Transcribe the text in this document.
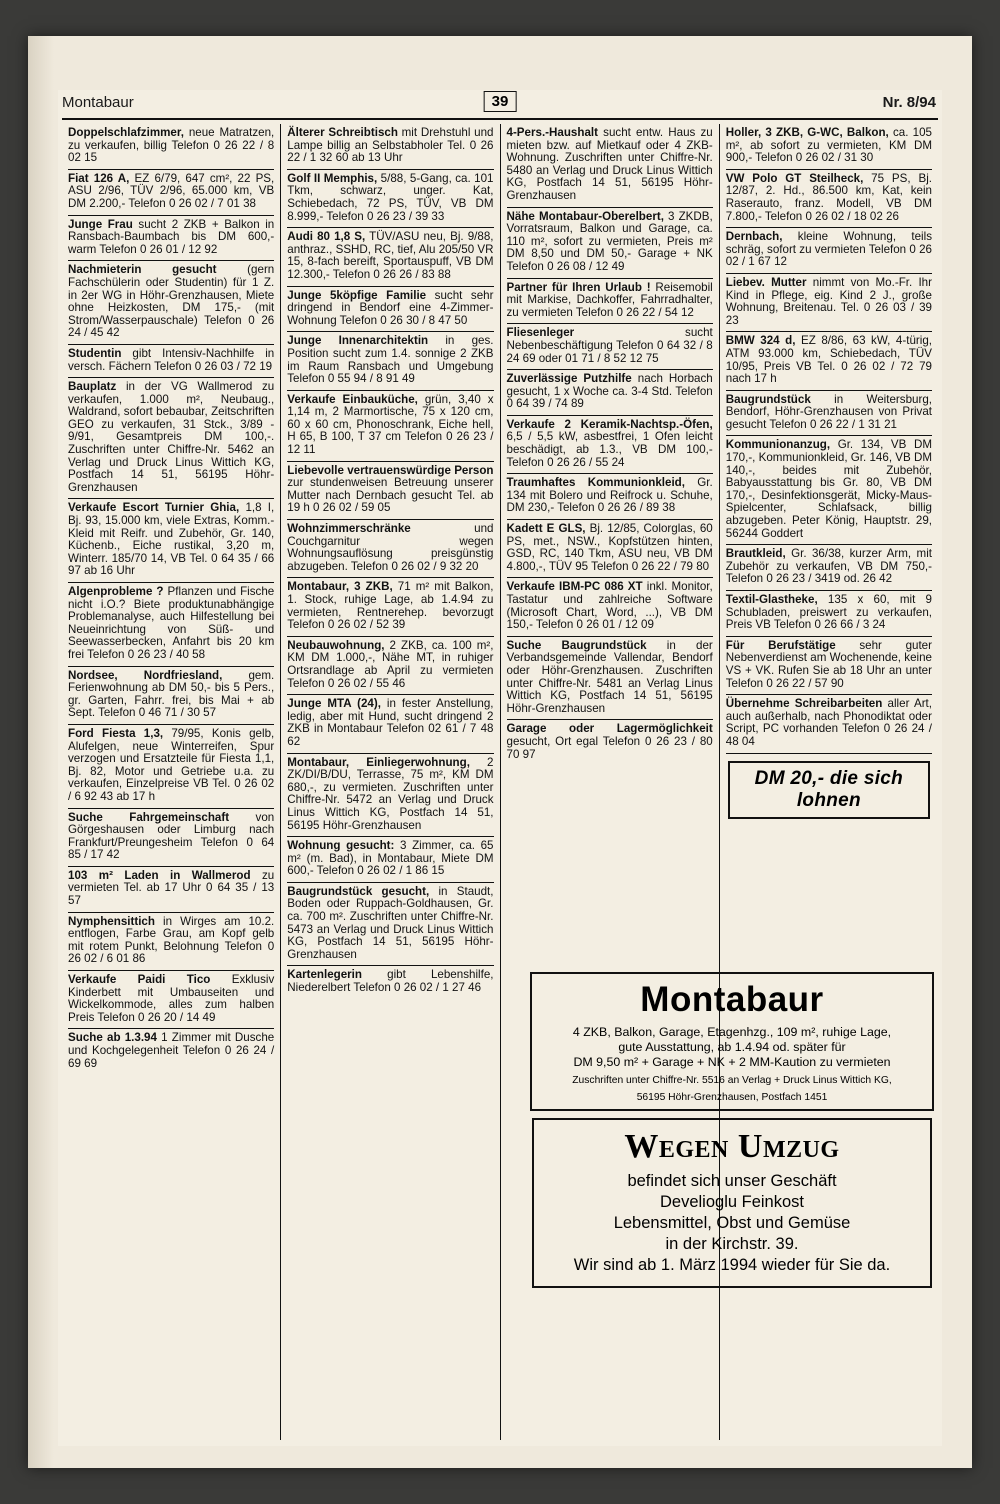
Montabaur	39	Nr. 8/94

Doppelschlafzimmer, neue Matratzen, zu verkaufen, billig Telefon 0 26 22 / 8 02 15

Fiat 126 A, EZ 6/79, 647 cm², 22 PS, ASU 2/96, TÜV 2/96, 65.000 km, VB DM 2.200,- Telefon 0 26 02 / 7 01 38

Junge Frau sucht 2 ZKB + Balkon in Ransbach-Baumbach bis DM 600,- warm Telefon 0 26 01 / 12 92

Nachmieterin gesucht (gern Fachschülerin oder Studentin) für 1 Z. in 2er WG in Höhr-Grenzhausen, Miete ohne Heizkosten, DM 175,- (mit Strom/Wasserpauschale) Telefon 0 26 24 / 45 42

Studentin gibt Intensiv-Nachhilfe in versch. Fächern Telefon 0 26 03 / 72 19

Bauplatz in der VG Wallmerod zu verkaufen, 1.000 m², Neubaug., Waldrand, sofort bebaubar, Zeitschriften GEO zu verkaufen, 31 Stck., 3/89 - 9/91, Gesamtpreis DM 100,-. Zuschriften unter Chiffre-Nr. 5462 an Verlag und Druck Linus Wittich KG, Postfach 14 51, 56195 Höhr-Grenzhausen

Verkaufe Escort Turnier Ghia, 1,8 I, Bj. 93, 15.000 km, viele Extras, Komm.-Kleid mit Reifr. und Zubehör, Gr. 140, Küchenb., Eiche rustikal, 3,20 m, Winterr. 185/70 14, VB Tel. 0 64 35 / 66 97 ab 16 Uhr

Algenprobleme ? Pflanzen und Fische nicht i.O.? Biete produktunabhängige Problemanalyse, auch Hilfestellung bei Neueinrichtung von Süß- und Seewasserbecken, Anfahrt bis 20 km frei Telefon 0 26 23 / 40 58

Nordsee, Nordfriesland, gem. Ferienwohnung ab DM 50,- bis 5 Pers., gr. Garten, Fahrr. frei, bis Mai + ab Sept. Telefon 0 46 71 / 30 57

Ford Fiesta 1,3, 79/95, Konis gelb, Alufelgen, neue Winterreifen, Spur verzogen und Ersatzteile für Fiesta 1,1, Bj. 82, Motor und Getriebe u.a. zu verkaufen, Einzelpreise VB Tel. 0 26 02 / 6 92 43 ab 17 h

Suche Fahrgemeinschaft von Görgeshausen oder Limburg nach Frankfurt/Preungesheim Telefon 0 64 85 / 17 42

103 m² Laden in Wallmerod zu vermieten Tel. ab 17 Uhr 0 64 35 / 13 57

Nymphensittich in Wirges am 10.2. entflogen, Farbe Grau, am Kopf gelb mit rotem Punkt, Belohnung Telefon 0 26 02 / 6 01 86

Verkaufe Paidi Tico Exklusiv Kinderbett mit Umbauseiten und Wickelkommode, alles zum halben Preis Telefon 0 26 20 / 14 49

Suche ab 1.3.94 1 Zimmer mit Dusche und Kochgelegenheit Telefon 0 26 24 / 69 69

Älterer Schreibtisch mit Drehstuhl und Lampe billig an Selbstabholer Tel. 0 26 22 / 1 32 60 ab 13 Uhr

Golf II Memphis, 5/88, 5-Gang, ca. 101 Tkm, schwarz, unger. Kat, Schiebedach, 72 PS, TÜV, VB DM 8.999,- Telefon 0 26 23 / 39 33

Audi 80 1,8 S, TÜV/ASU neu, Bj. 9/88, anthraz., SSHD, RC, tief, Alu 205/50 VR 15, 8-fach bereift, Sportauspuff, VB DM 12.300,- Telefon 0 26 26 / 83 88

Junge 5köpfige Familie sucht sehr dringend in Bendorf eine 4-Zimmer-Wohnung Telefon 0 26 30 / 8 47 50

Junge Innenarchitektin in ges. Position sucht zum 1.4. sonnige 2 ZKB im Raum Ransbach und Umgebung Telefon 0 55 94 / 8 91 49

Verkaufe Einbauküche, grün, 3,40 x 1,14 m, 2 Marmortische, 75 x 120 cm, 60 x 60 cm, Phonoschrank, Eiche hell, H 65, B 100, T 37 cm Telefon 0 26 23 / 12 11

Liebevolle vertrauenswürdige Person zur stundenweisen Betreuung unserer Mutter nach Dernbach gesucht Tel. ab 19 h 0 26 02 / 59 05

Wohnzimmerschränke und Couchgarnitur wegen Wohnungsauflösung preisgünstig abzugeben. Telefon 0 26 02 / 9 32 20

Montabaur, 3 ZKB, 71 m² mit Balkon, 1. Stock, ruhige Lage, ab 1.4.94 zu vermieten, Rentnerehep. bevorzugt Telefon 0 26 02 / 52 39

Neubauwohnung, 2 ZKB, ca. 100 m², KM DM 1.000,-, Nähe MT, in ruhiger Ortsrandlage ab April zu vermieten Telefon 0 26 02 / 55 46

Junge MTA (24), in fester Anstellung, ledig, aber mit Hund, sucht dringend 2 ZKB in Montabaur Telefon 02 61 / 7 48 62

Montabaur, Einliegerwohnung, 2 ZK/DI/B/DU, Terrasse, 75 m², KM DM 680,-, zu vermieten. Zuschriften unter Chiffre-Nr. 5472 an Verlag und Druck Linus Wittich KG, Postfach 14 51, 56195 Höhr-Grenzhausen

Wohnung gesucht: 3 Zimmer, ca. 65 m² (m. Bad), in Montabaur, Miete DM 600,- Telefon 0 26 02 / 1 86 15

Baugrundstück gesucht, in Staudt, Boden oder Ruppach-Goldhausen, Gr. ca. 700 m². Zuschriften unter Chiffre-Nr. 5473 an Verlag und Druck Linus Wittich KG, Postfach 14 51, 56195 Höhr-Grenzhausen

Kartenlegerin gibt Lebenshilfe, Niederelbert Telefon 0 26 02 / 1 27 46

4-Pers.-Haushalt sucht entw. Haus zu mieten bzw. auf Mietkauf oder 4 ZKB-Wohnung. Zuschriften unter Chiffre-Nr. 5480 an Verlag und Druck Linus Wittich KG, Postfach 14 51, 56195 Höhr-Grenzhausen

Nähe Montabaur-Oberelbert, 3 ZKDB, Vorratsraum, Balkon und Garage, ca. 110 m², sofort zu vermieten, Preis m² DM 8,50 und DM 50,- Garage + NK Telefon 0 26 08 / 12 49

Partner für Ihren Urlaub ! Reisemobil mit Markise, Dachkoffer, Fahrradhalter, zu vermieten Telefon 0 26 22 / 54 12

Fliesenleger sucht Nebenbeschäftigung Telefon 0 64 32 / 8 24 69 oder 01 71 / 8 52 12 75

Zuverlässige Putzhilfe nach Horbach gesucht, 1 x Woche ca. 3-4 Std. Telefon 0 64 39 / 74 89

Verkaufe 2 Keramik-Nachtsp.-Öfen, 6,5 / 5,5 kW, asbestfrei, 1 Ofen leicht beschädigt, ab 1.3., VB DM 100,- Telefon 0 26 26 / 55 24

Traumhaftes Kommunionkleid, Gr. 134 mit Bolero und Reifrock u. Schuhe, DM 230,- Telefon 0 26 26 / 89 38

Kadett E GLS, Bj. 12/85, Colorglas, 60 PS, met., NSW., Kopfstützen hinten, GSD, RC, 140 Tkm, ASU neu, VB DM 4.800,-, TÜV 95 Telefon 0 26 22 / 79 80

Verkaufe IBM-PC 086 XT inkl. Monitor, Tastatur und zahlreiche Software (Microsoft Chart, Word, ...), VB DM 150,- Telefon 0 26 01 / 12 09

Suche Baugrundstück in der Verbandsgemeinde Vallendar, Bendorf oder Höhr-Grenzhausen. Zuschriften unter Chiffre-Nr. 5481 an Verlag Linus Wittich KG, Postfach 14 51, 56195 Höhr-Grenzhausen

Garage oder Lagermöglichkeit gesucht, Ort egal Telefon 0 26 23 / 80 70 97

Holler, 3 ZKB, G-WC, Balkon, ca. 105 m², ab sofort zu vermieten, KM DM 900,- Telefon 0 26 02 / 31 30

VW Polo GT Steilheck, 75 PS, Bj. 12/87, 2. Hd., 86.500 km, Kat, kein Raserauto, franz. Modell, VB DM 7.800,- Telefon 0 26 02 / 18 02 26

Dernbach, kleine Wohnung, teils schräg, sofort zu vermieten Telefon 0 26 02 / 1 67 12

Liebev. Mutter nimmt von Mo.-Fr. Ihr Kind in Pflege, eig. Kind 2 J., große Wohnung, Breitenau. Tel. 0 26 03 / 39 23

BMW 324 d, EZ 8/86, 63 kW, 4-türig, ATM 93.000 km, Schiebedach, TÜV 10/95, Preis VB Tel. 0 26 02 / 72 79 nach 17 h

Baugrundstück in Weitersburg, Bendorf, Höhr-Grenzhausen von Privat gesucht Telefon 0 26 22 / 1 31 21

Kommunionanzug, Gr. 134, VB DM 170,-, Kommunionkleid, Gr. 146, VB DM 140,-, beides mit Zubehör, Babyausstattung bis Gr. 80, VB DM 170,-, Desinfektionsgerät, Micky-Maus-Spielcenter, Schlafsack, billig abzugeben. Peter König, Hauptstr. 29, 56244 Goddert

Brautkleid, Gr. 36/38, kurzer Arm, mit Zubehör zu verkaufen, VB DM 750,- Telefon 0 26 23 / 3419 od. 26 42

Textil-Glastheke, 135 x 60, mit 9 Schubladen, preiswert zu verkaufen, Preis VB Telefon 0 26 66 / 3 24

Für Berufstätige sehr guter Nebenverdienst am Wochenende, keine VS + VK. Rufen Sie ab 18 Uhr an unter Telefon 0 26 22 / 57 90

Übernehme Schreibarbeiten aller Art, auch außerhalb, nach Phonodiktat oder Script, PC vorhanden Telefon 0 26 24 / 48 04

DM 20,- die sich lohnen
Montabaur

4 ZKB, Balkon, Garage, Etagenhzg., 109 m², ruhige Lage,

gute Ausstattung, ab 1.4.94 od. später für

DM 9,50 m² + Garage + NK + 2 MM-Kaution zu vermieten

Zuschriften unter Chiffre-Nr. 5516 an Verlag + Druck Linus Wittich KG,

56195 Höhr-Grenzhausen, Postfach 1451

Wegen Umzug

befindet sich unser Geschäft

Develioglu Feinkost

Lebensmittel, Obst und Gemüse

in der Kirchstr. 39.

Wir sind ab 1. März 1994 wieder für Sie da.
